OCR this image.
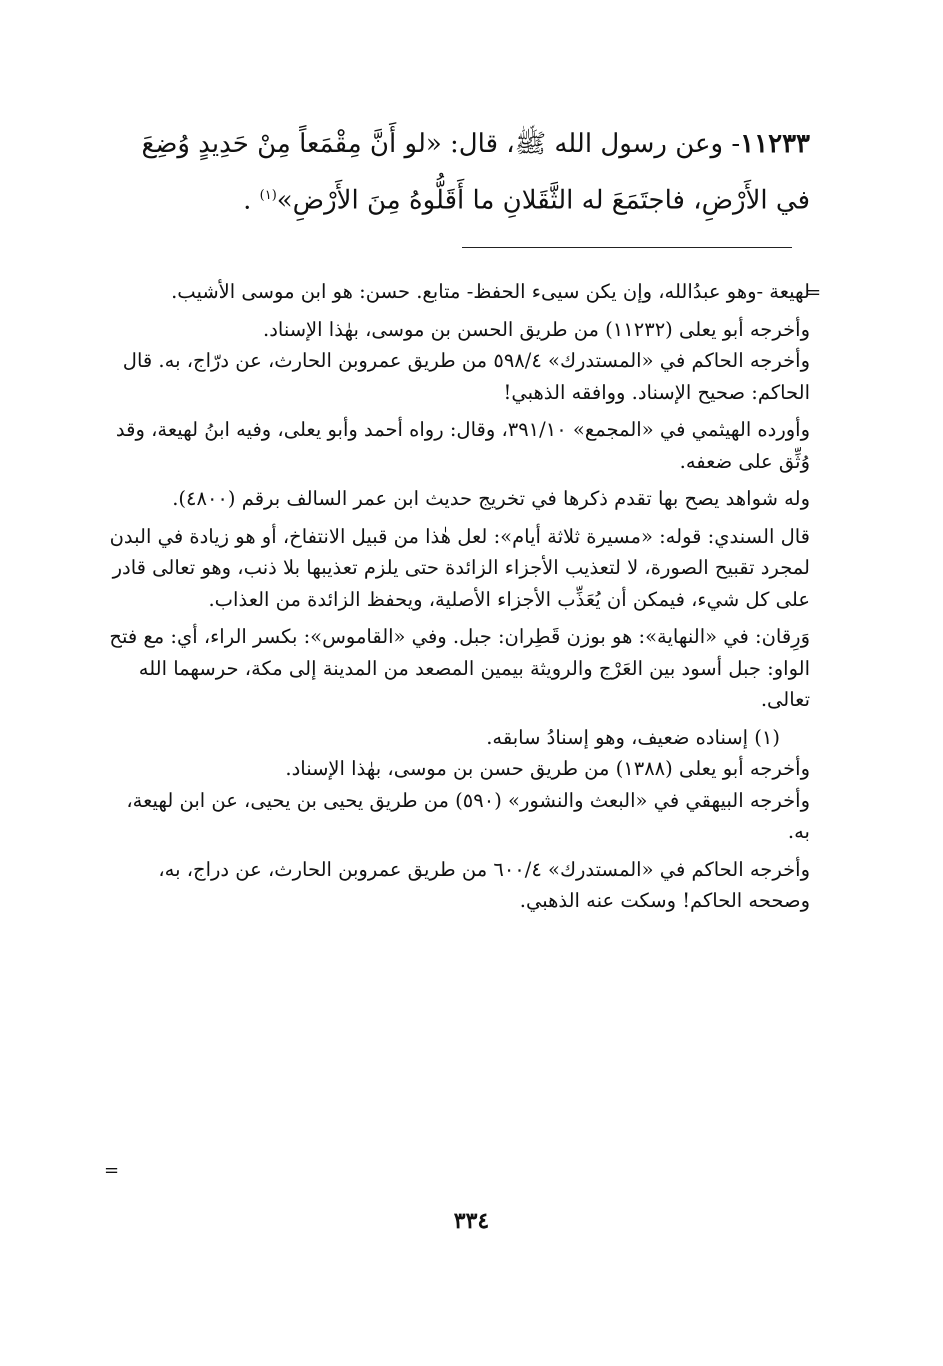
١١٢٣٣- وعن رسول الله ﷺ، قال: «لو أَنَّ مِقْمَعاً مِنْ حَدِيدٍ وُضِعَ في الأَرْضِ، فاجتَمَعَ له الثَّقَلانِ ما أَقَلُّوهُ مِنَ الأَرْضِ»$^{(١)}$ .
=

لهيعة -وهو عبدُالله، وإن يكن سيىء الحفظ- متابع. حسن: هو ابن موسى الأشيب.

وأخرجه أبو يعلى (١١٢٣٢) من طريق الحسن بن موسى، بهٰذا الإسناد.

وأخرجه الحاكم في «المستدرك» ٥٩٨/٤ من طريق عمروبن الحارث، عن درّاج، به. قال الحاكم: صحيح الإسناد. ووافقه الذهبي!

وأورده الهيثمي في «المجمع» ٣٩١/١٠، وقال: رواه أحمد وأبو يعلى، وفيه ابنُ لهيعة، وقد وُثِّق على ضعفه.

وله شواهد يصح بها تقدم ذكرها في تخريج حديث ابن عمر السالف برقم (٤٨٠٠).

قال السندي: قوله: «مسيرة ثلاثة أيام»: لعل هٰذا من قبيل الانتفاخ، أو هو زيادة في البدن لمجرد تقبيح الصورة، لا لتعذيب الأجزاء الزائدة حتى يلزم تعذيبها بلا ذنب، وهو تعالى قادر على كل شيء، فيمكن أن يُعَذِّب الأجزاء الأصلية، ويحفظ الزائدة من العذاب.

وَرِقان: في «النهاية»: هو بوزن قَطِران: جبل. وفي «القاموس»: بكسر الراء، أي: مع فتح الواو: جبل أسود بين العَرْج والرويثة بيمين المصعد من المدينة إلى مكة، حرسهما الله تعالى.

(١) إسناده ضعيف، وهو إسنادُ سابقه.

وأخرجه أبو يعلى (١٣٨٨) من طريق حسن بن موسى، بهٰذا الإسناد.

وأخرجه البيهقي في «البعث والنشور» (٥٩٠) من طريق يحيى بن يحيى، عن ابن لهيعة، به.

وأخرجه الحاكم في «المستدرك» ٦٠٠/٤ من طريق عمروبن الحارث، عن دراج، به، وصححه الحاكم! وسكت عنه الذهبي.

=
٣٣٤
